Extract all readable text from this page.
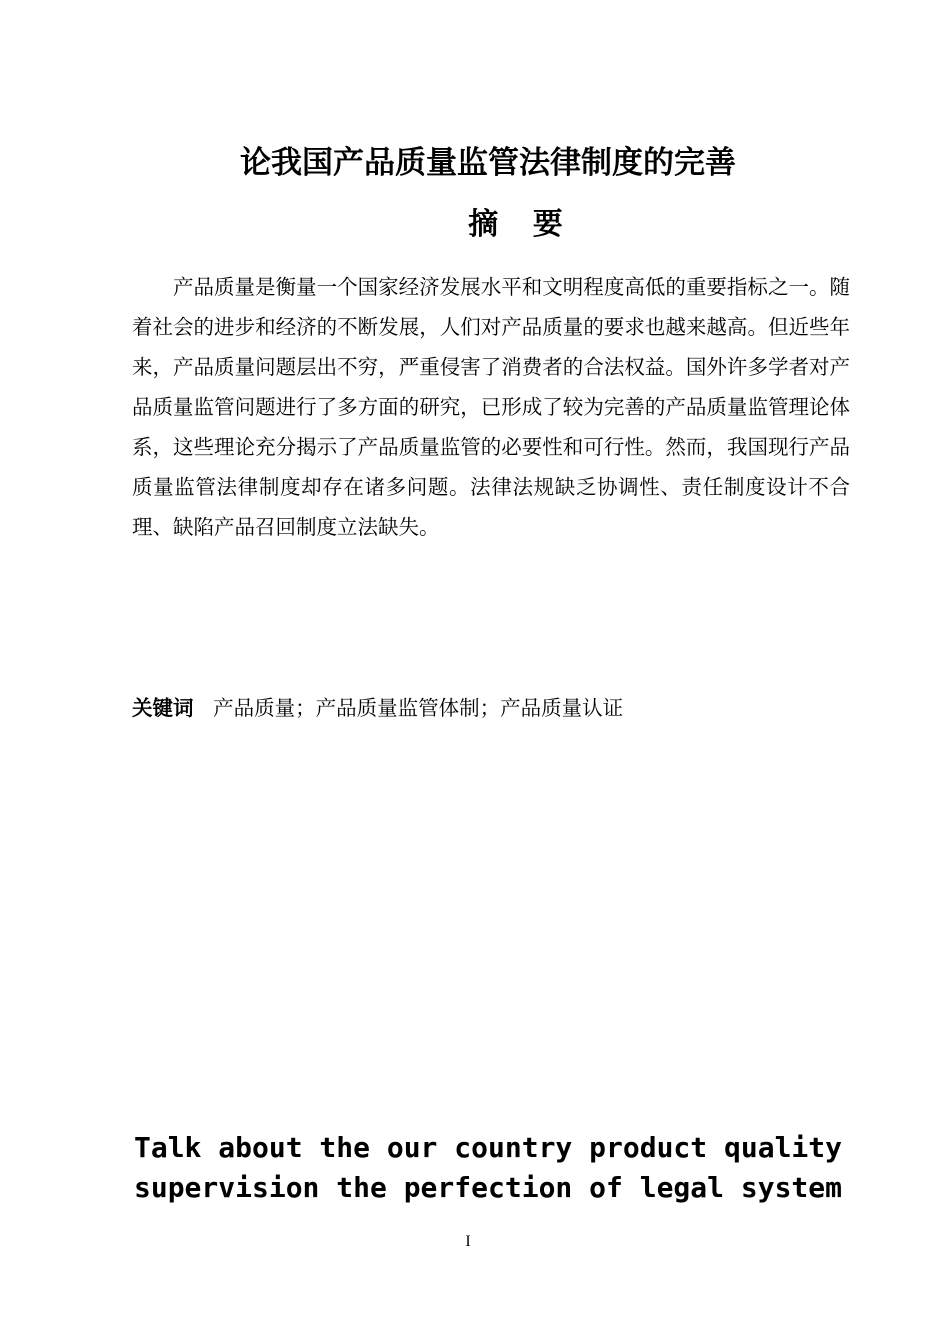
论我国产品质量监管法律制度的完善
摘 要

产品质量是衡量一个国家经济发展水平和文明程度高低的重要指标之一。随着社会的进步和经济的不断发展，人们对产品质量的要求也越来越高。但近些年来，产品质量问题层出不穷，严重侵害了消费者的合法权益。国外许多学者对产品质量监管问题进行了多方面的研究，已形成了较为完善的产品质量监管理论体系，这些理论充分揭示了产品质量监管的必要性和可行性。然而，我国现行产品质量监管法律制度却存在诸多问题。法律法规缺乏协调性、责任制度设计不合理、缺陷产品召回制度立法缺失。

关键词 产品质量；产品质量监管体制；产品质量认证
Talk about the our country product quality
supervision the perfection of legal system
I
